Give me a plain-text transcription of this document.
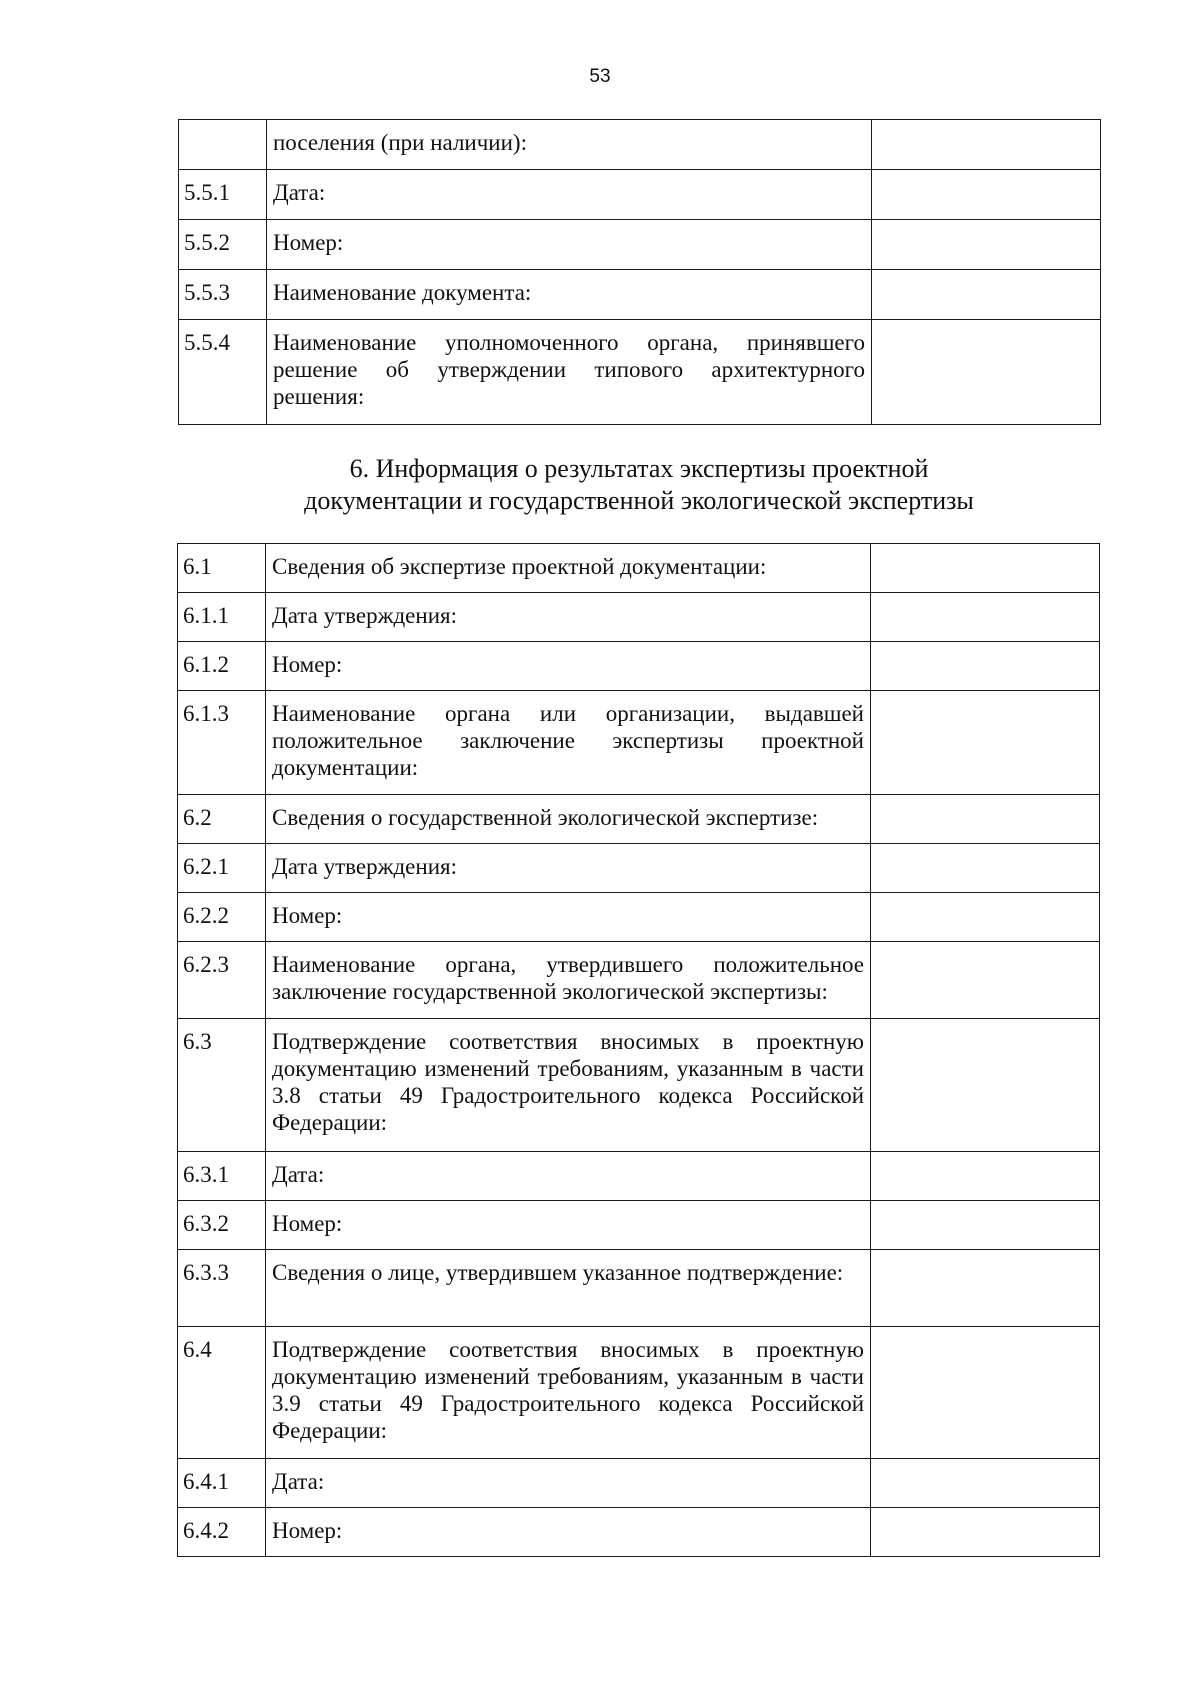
53
	поселения (при наличии):	
5.5.1	Дата:	
5.5.2	Номер:	
5.5.3	Наименование документа:	
5.5.4	Наименование уполномоченного органа, принявшего решение об утверждении типового архитектурного решения:	
6. Информация о результатах экспертизы проектной
документации и государственной экологической экспертизы
6.1	Сведения об экспертизе проектной документации:	
6.1.1	Дата утверждения:	
6.1.2	Номер:	
6.1.3	Наименование органа или организации, выдавшей положительное заключение экспертизы проектной документации:	
6.2	Сведения о государственной экологической экспертизе:	
6.2.1	Дата утверждения:	
6.2.2	Номер:	
6.2.3	Наименование органа, утвердившего положительное заключение государственной экологической экспертизы:	
6.3	Подтверждение соответствия вносимых в проектную документацию изменений требованиям, указанным в части 3.8 статьи 49 Градостроительного кодекса Российской Федерации:	
6.3.1	Дата:	
6.3.2	Номер:	
6.3.3	Сведения о лице, утвердившем указанное подтверждение:	
6.4	Подтверждение соответствия вносимых в проектную документацию изменений требованиям, указанным в части 3.9 статьи 49 Градостроительного кодекса Российской Федерации:	
6.4.1	Дата:	
6.4.2	Номер:	
